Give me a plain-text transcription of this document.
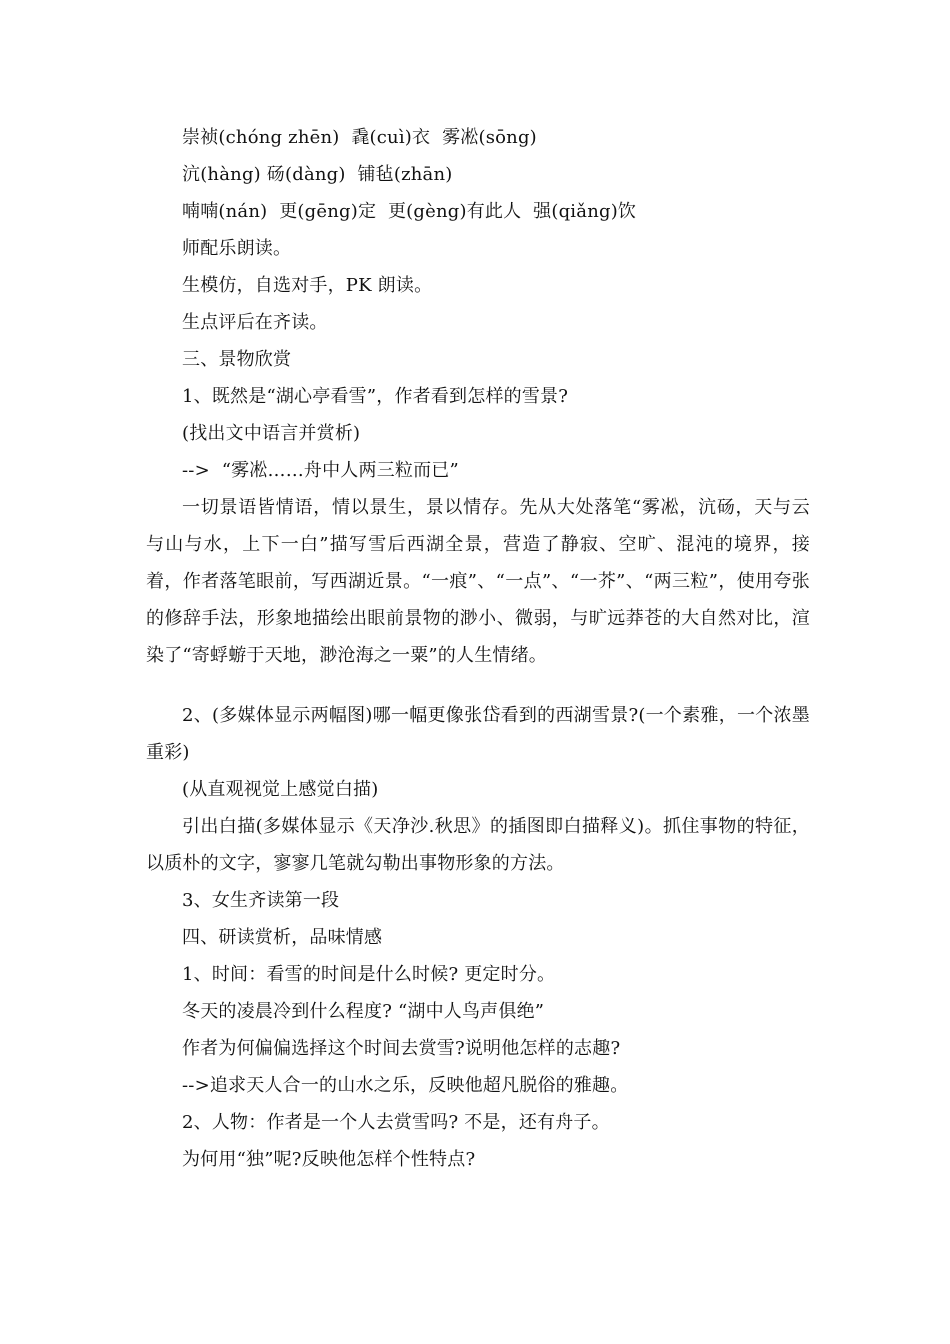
崇祯(chóng zhēn)  毳(cuì)衣  雾凇(sōng)
沆(hàng) 砀(dàng)  铺毡(zhān)
喃喃(nán)  更(gēng)定  更(gèng)有此人  强(qiǎng)饮
师配乐朗读。
生模仿，自选对手，PK 朗读。
生点评后在齐读。
三、景物欣赏
1、既然是“湖心亭看雪”，作者看到怎样的雪景?
(找出文中语言并赏析)
-->  “雾凇……舟中人两三粒而已”

一切景语皆情语，情以景生，景以情存。先从大处落笔“雾凇，沆砀，天与云与山与水，上下一白”描写雪后西湖全景，营造了静寂、空旷、混沌的境界，接着，作者落笔眼前，写西湖近景。“一痕”、“一点”、“一芥”、“两三粒”，使用夸张的修辞手法，形象地描绘出眼前景物的渺小、微弱，与旷远莽苍的大自然对比，渲染了“寄蜉蝣于天地，渺沧海之一粟”的人生情绪。

2、(多媒体显示两幅图)哪一幅更像张岱看到的西湖雪景?(一个素雅，一个浓墨重彩)

(从直观视觉上感觉白描)

引出白描(多媒体显示《天净沙.秋思》的插图即白描释义)。抓住事物的特征，以质朴的文字，寥寥几笔就勾勒出事物形象的方法。

3、女生齐读第一段
四、研读赏析，品味情感
1、时间：看雪的时间是什么时候? 更定时分。
冬天的凌晨冷到什么程度? “湖中人鸟声俱绝”
作者为何偏偏选择这个时间去赏雪?说明他怎样的志趣?
-->追求天人合一的山水之乐，反映他超凡脱俗的雅趣。
2、人物：作者是一个人去赏雪吗? 不是，还有舟子。
为何用“独”呢?反映他怎样个性特点?
